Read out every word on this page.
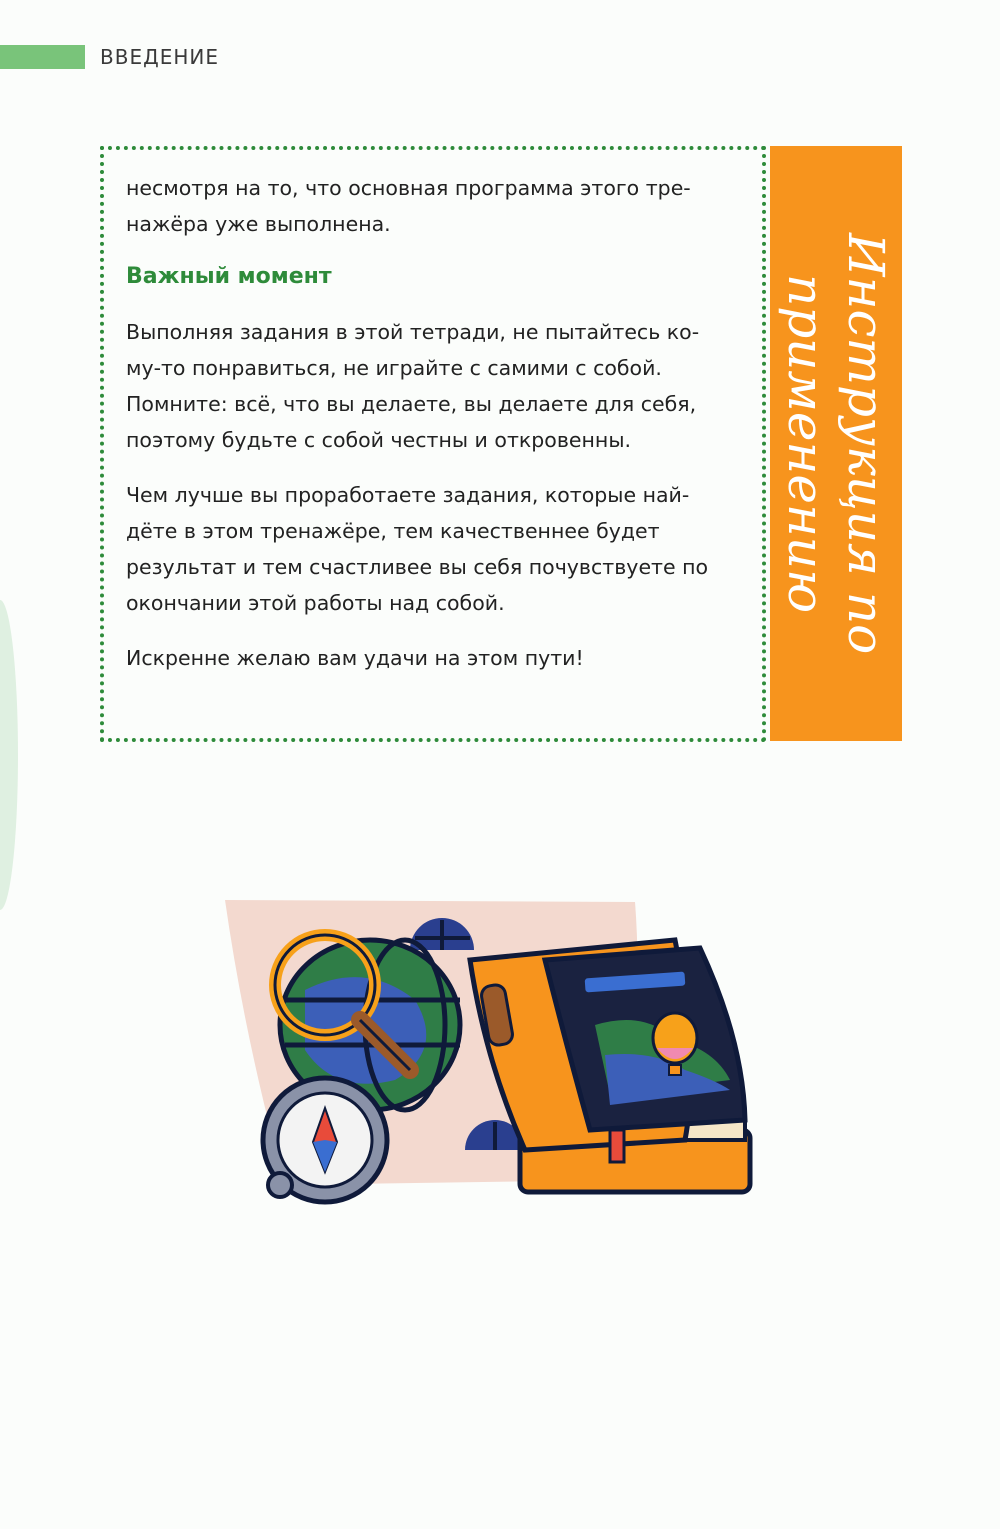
ВВЕДЕНИЕ

несмотря на то, что основная программа этого тре- нажёра уже выполнена.

Важный момент

Выполняя задания в этой тетради, не пытайтесь ко- му-то понравиться, не играйте с самими с собой. Помните: всё, что вы делаете, вы делаете для себя, поэтому будьте с собой честны и откровенны.

Чем лучше вы проработаете задания, которые най- дёте в этом тренажёре, тем качественнее будет результат и тем счастливее вы себя почувствуете по окончании этой работы над собой.

Искренне желаю вам удачи на этом пути!

Инструкция по применению
